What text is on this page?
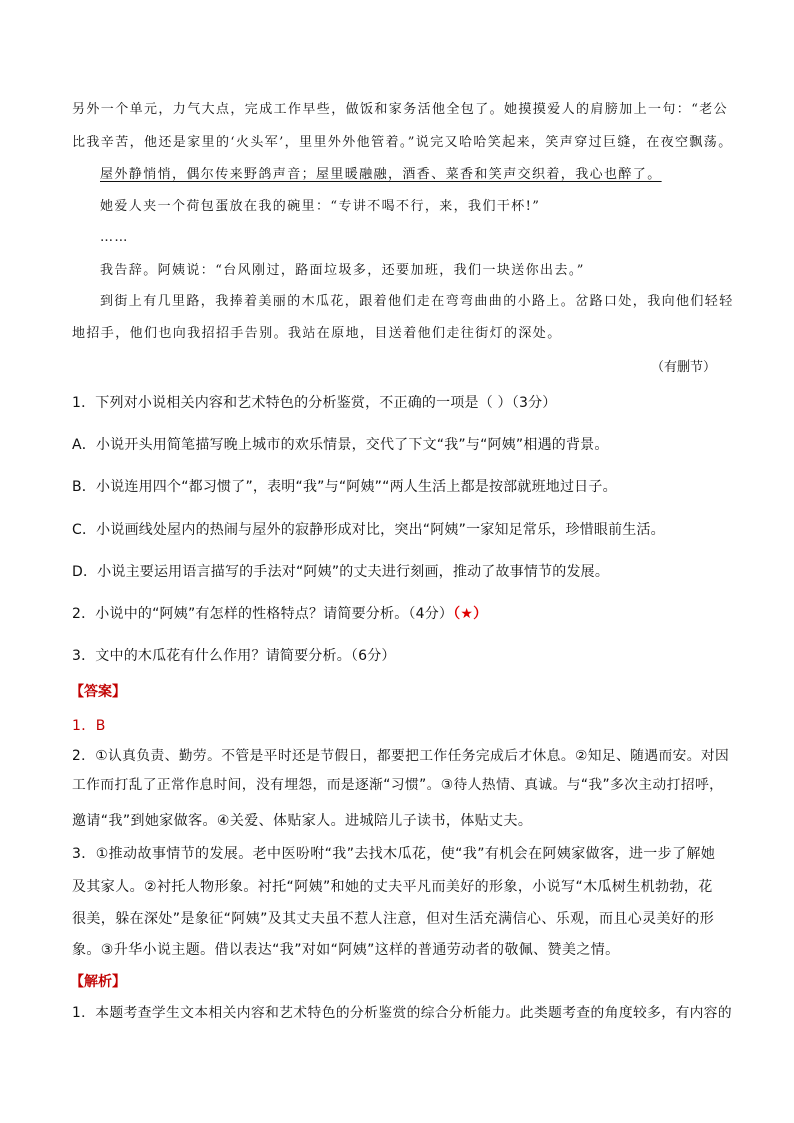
另外一个单元，力气大点，完成工作早些，做饭和家务活他全包了。她摸摸爱人的肩膀加上一句：“老公
比我辛苦，他还是家里的‘火头军’，里里外外他管着。”说完又哈哈笑起来，笑声穿过巨缝，在夜空飘荡。
屋外静悄悄，偶尔传来野鸽声音；屋里暖融融，酒香、菜香和笑声交织着，我心也醉了。
她爱人夹一个荷包蛋放在我的碗里：“专讲不喝不行，来，我们干杯!”
……
我告辞。阿姨说：“台风刚过，路面垃圾多，还要加班，我们一块送你出去。”
到街上有几里路，我捧着美丽的木瓜花，跟着他们走在弯弯曲曲的小路上。岔路口处，我向他们轻轻
地招手，他们也向我招招手告别。我站在原地，目送着他们走往街灯的深处。
（有删节）
1．下列对小说相关内容和艺术特色的分析鉴赏，不正确的一项是（ ）（3分）
A．小说开头用简笔描写晚上城市的欢乐情景，交代了下文“我”与“阿姨”相遇的背景。
B．小说连用四个“都习惯了”，表明“我”与“阿姨”“两人生活上都是按部就班地过日子。
C．小说画线处屋内的热闹与屋外的寂静形成对比，突出“阿姨”一家知足常乐，珍惜眼前生活。
D．小说主要运用语言描写的手法对“阿姨”的丈夫进行刻画，推动了故事情节的发展。
2．小说中的“阿姨”有怎样的性格特点？请简要分析。（4分）（★）
3．文中的木瓜花有什么作用？请简要分析。（6分）
【答案】
1．B
2．①认真负责、勤劳。不管是平时还是节假日，都要把工作任务完成后才休息。②知足、随遇而安。对因
工作而打乱了正常作息时间，没有埋怨，而是逐渐“习惯”。③待人热情、真诚。与“我”多次主动打招呼，
邀请“我”到她家做客。④关爱、体贴家人。进城陪儿子读书，体贴丈夫。
3．①推动故事情节的发展。老中医吩咐“我”去找木瓜花，使“我”有机会在阿姨家做客，进一步了解她
及其家人。②衬托人物形象。衬托“阿姨”和她的丈夫平凡而美好的形象，小说写“木瓜树生机勃勃，花
很美，躲在深处”是象征“阿姨”及其丈夫虽不惹人注意，但对生活充满信心、乐观，而且心灵美好的形
象。③升华小说主题。借以表达“我”对如“阿姨”这样的普通劳动者的敬佩、赞美之情。
【解析】
1．本题考查学生文本相关内容和艺术特色的分析鉴赏的综合分析能力。此类题考查的角度较多，有内容的
